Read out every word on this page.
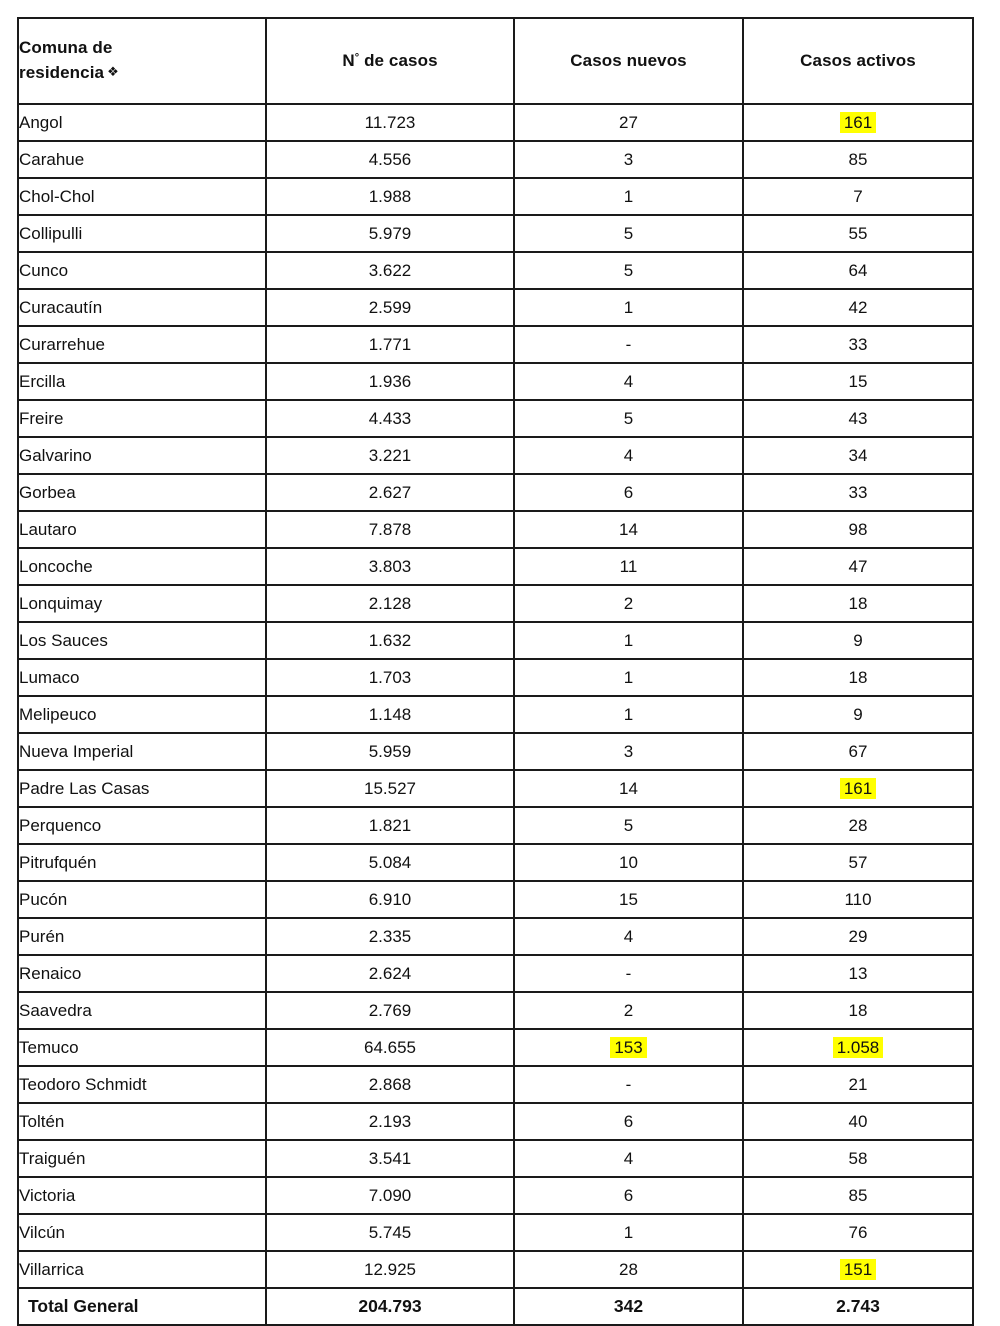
Comuna de
residencia ❖	N° de casos	Casos nuevos	Casos activos
Angol	11.723	27	161
Carahue	4.556	3	85
Chol-Chol	1.988	1	7
Collipulli	5.979	5	55
Cunco	3.622	5	64
Curacautín	2.599	1	42
Curarrehue	1.771	-	33
Ercilla	1.936	4	15
Freire	4.433	5	43
Galvarino	3.221	4	34
Gorbea	2.627	6	33
Lautaro	7.878	14	98
Loncoche	3.803	11	47
Lonquimay	2.128	2	18
Los Sauces	1.632	1	9
Lumaco	1.703	1	18
Melipeuco	1.148	1	9
Nueva Imperial	5.959	3	67
Padre Las Casas	15.527	14	161
Perquenco	1.821	5	28
Pitrufquén	5.084	10	57
Pucón	6.910	15	110
Purén	2.335	4	29
Renaico	2.624	-	13
Saavedra	2.769	2	18
Temuco	64.655	153	1.058
Teodoro Schmidt	2.868	-	21
Toltén	2.193	6	40
Traiguén	3.541	4	58
Victoria	7.090	6	85
Vilcún	5.745	1	76
Villarrica	12.925	28	151
Total General	204.793	342	2.743
